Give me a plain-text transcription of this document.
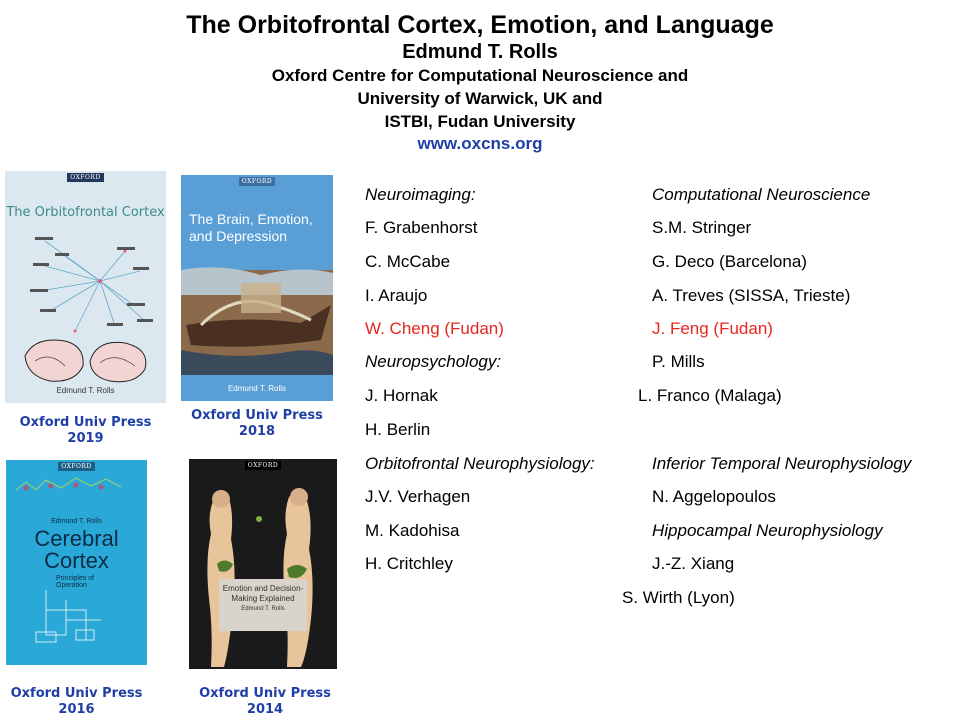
The Orbitofrontal Cortex, Emotion, and Language
Edmund T. Rolls
Oxford Centre for Computational Neuroscience and
University of Warwick, UK and
ISTBI, Fudan University
www.oxcns.org
OXFORD
The Orbitofrontal Cortex
Edmund T. Rolls
Oxford Univ Press
2019
OXFORD
The Brain, Emotion, and Depression
Edmund T. Rolls
Oxford Univ Press
2018
OXFORD
Edmund T. Rolls
Cerebral Cortex
Principles of Operation
Oxford Univ Press
2016
OXFORD
Emotion and Decision-Making Explained
Edmund T. Rolls
Oxford Univ Press
2014
Neuroimaging:
F. Grabenhorst
C. McCabe
I. Araujo
W. Cheng (Fudan)
Neuropsychology:
J. Hornak
H. Berlin
Orbitofrontal Neurophysiology:
J.V. Verhagen
M. Kadohisa
H. Critchley
Computational Neuroscience
S.M. Stringer
G. Deco (Barcelona)
A. Treves (SISSA, Trieste)
J. Feng (Fudan)
P. Mills
L. Franco (Malaga)
Inferior Temporal Neurophysiology
N. Aggelopoulos
Hippocampal Neurophysiology
J.-Z. Xiang
S. Wirth (Lyon)
